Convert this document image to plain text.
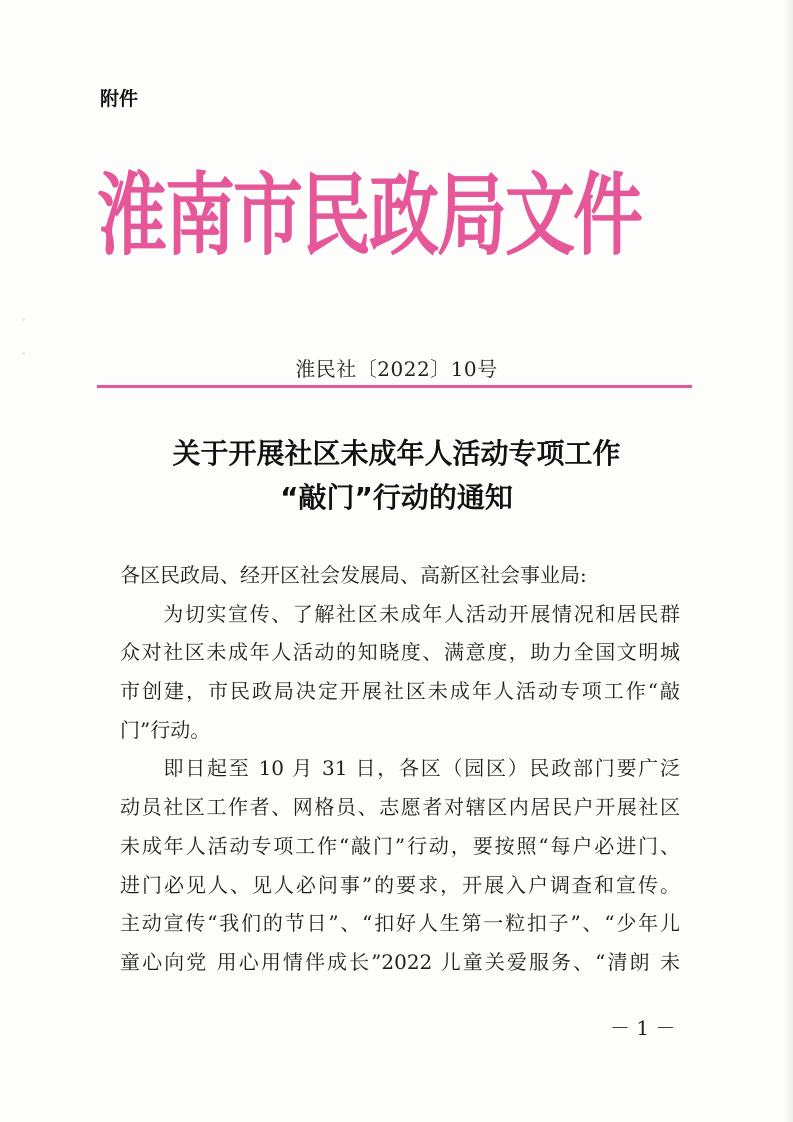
附件
淮南市民政局文件
淮民社〔2022〕10号
关于开展社区未成年人活动专项工作
“敲门”行动的通知
各区民政局、经开区社会发展局、高新区社会事业局:
　　为切实宣传、了解社区未成年人活动开展情况和居民群
众对社区未成年人活动的知晓度、满意度，助力全国文明城
市创建，市民政局决定开展社区未成年人活动专项工作“敲
门”行动。
　　即日起至 10 月 31 日，各区（园区）民政部门要广泛
动员社区工作者、网格员、志愿者对辖区内居民户开展社区
未成年人活动专项工作“敲门”行动，要按照“每户必进门、
进门必见人、见人必问事”的要求，开展入户调查和宣传。
主动宣传“我们的节日”、“扣好人生第一粒扣子”、“少年儿
童心向党 用心用情伴成长”2022 儿童关爱服务、“清朗 未
－ 1 －
